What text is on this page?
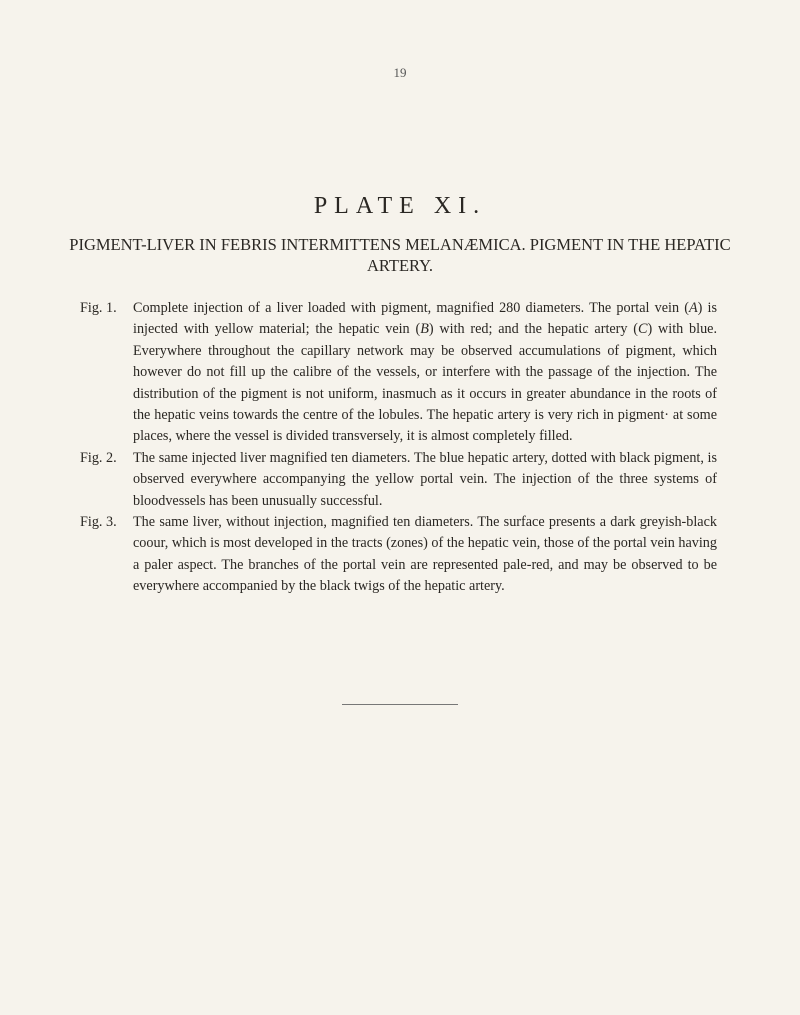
19
PLATE XI.
PIGMENT-LIVER IN FEBRIS INTERMITTENS MELANÆMICA. PIGMENT IN THE HEPATIC ARTERY.
Fig. 1. Complete injection of a liver loaded with pigment, magnified 280 diameters. The portal vein (A) is injected with yellow material; the hepatic vein (B) with red; and the hepatic artery (C) with blue. Everywhere throughout the capillary network may be observed accumulations of pigment, which however do not fill up the calibre of the vessels, or interfere with the passage of the injection. The distribution of the pigment is not uniform, inasmuch as it occurs in greater abundance in the roots of the hepatic veins towards the centre of the lobules. The hepatic artery is very rich in pigment· at some places, where the vessel is divided transversely, it is almost completely filled.
Fig. 2. The same injected liver magnified ten diameters. The blue hepatic artery, dotted with black pigment, is observed everywhere accompanying the yellow portal vein. The injection of the three systems of bloodvessels has been unusually successful.
Fig. 3. The same liver, without injection, magnified ten diameters. The surface presents a dark greyish-black coour, which is most developed in the tracts (zones) of the hepatic vein, those of the portal vein having a paler aspect. The branches of the portal vein are represented pale-red, and may be observed to be everywhere accompanied by the black twigs of the hepatic artery.
